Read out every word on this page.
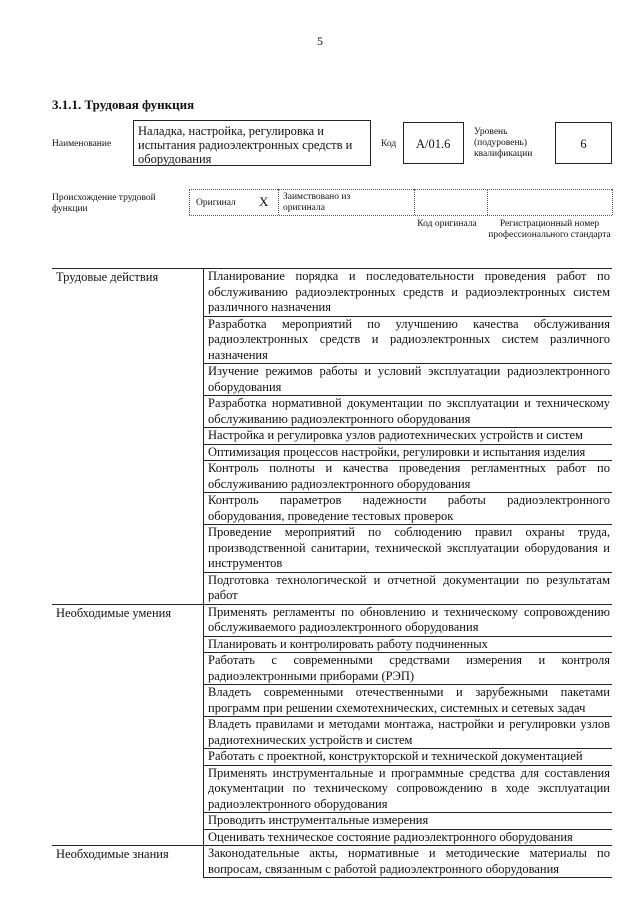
5
3.1.1. Трудовая функция
Наименование
Наладка, настройка, регулировка и испытания радиоэлектронных средств и оборудования
Код	A/01.6
Уровень (подуровень) квалификации
6
Происхождение трудовой функции
Оригинал X Заимствовано из оригинала
Код оригинала	Регистрационный номер профессионального стандарта
Трудовые действия	Планирование порядка и последовательности проведения работ по обслуживанию радиоэлектронных средств и радиоэлектронных систем различного назначения
	Разработка мероприятий по улучшению качества обслуживания радиоэлектронных средств и радиоэлектронных систем различного назначения
	Изучение режимов работы и условий эксплуатации радиоэлектронного оборудования
	Разработка нормативной документации по эксплуатации и техническому обслуживанию радиоэлектронного оборудования
	Настройка и регулировка узлов радиотехнических устройств и систем
	Оптимизация процессов настройки, регулировки и испытания изделия
	Контроль полноты и качества проведения регламентных работ по обслуживанию радиоэлектронного оборудования
	Контроль параметров надежности работы радиоэлектронного оборудования, проведение тестовых проверок
	Проведение мероприятий по соблюдению правил охраны труда, производственной санитарии, технической эксплуатации оборудования и инструментов
	Подготовка технологической и отчетной документации по результатам работ
Необходимые умения	Применять регламенты по обновлению и техническому сопровождению обслуживаемого радиоэлектронного оборудования
	Планировать и контролировать работу подчиненных
	Работать с современными средствами измерения и контроля радиоэлектронными приборами (РЭП)
	Владеть современными отечественными и зарубежными пакетами программ при решении схемотехнических, системных и сетевых задач
	Владеть правилами и методами монтажа, настройки и регулировки узлов радиотехнических устройств и систем
	Работать с проектной, конструкторской и технической документацией
	Применять инструментальные и программные средства для составления документации по техническому сопровождению в ходе эксплуатации радиоэлектронного оборудования
	Проводить инструментальные измерения
	Оценивать техническое состояние радиоэлектронного оборудования
Необходимые знания	Законодательные акты, нормативные и методические материалы по вопросам, связанным с работой радиоэлектронного оборудования
